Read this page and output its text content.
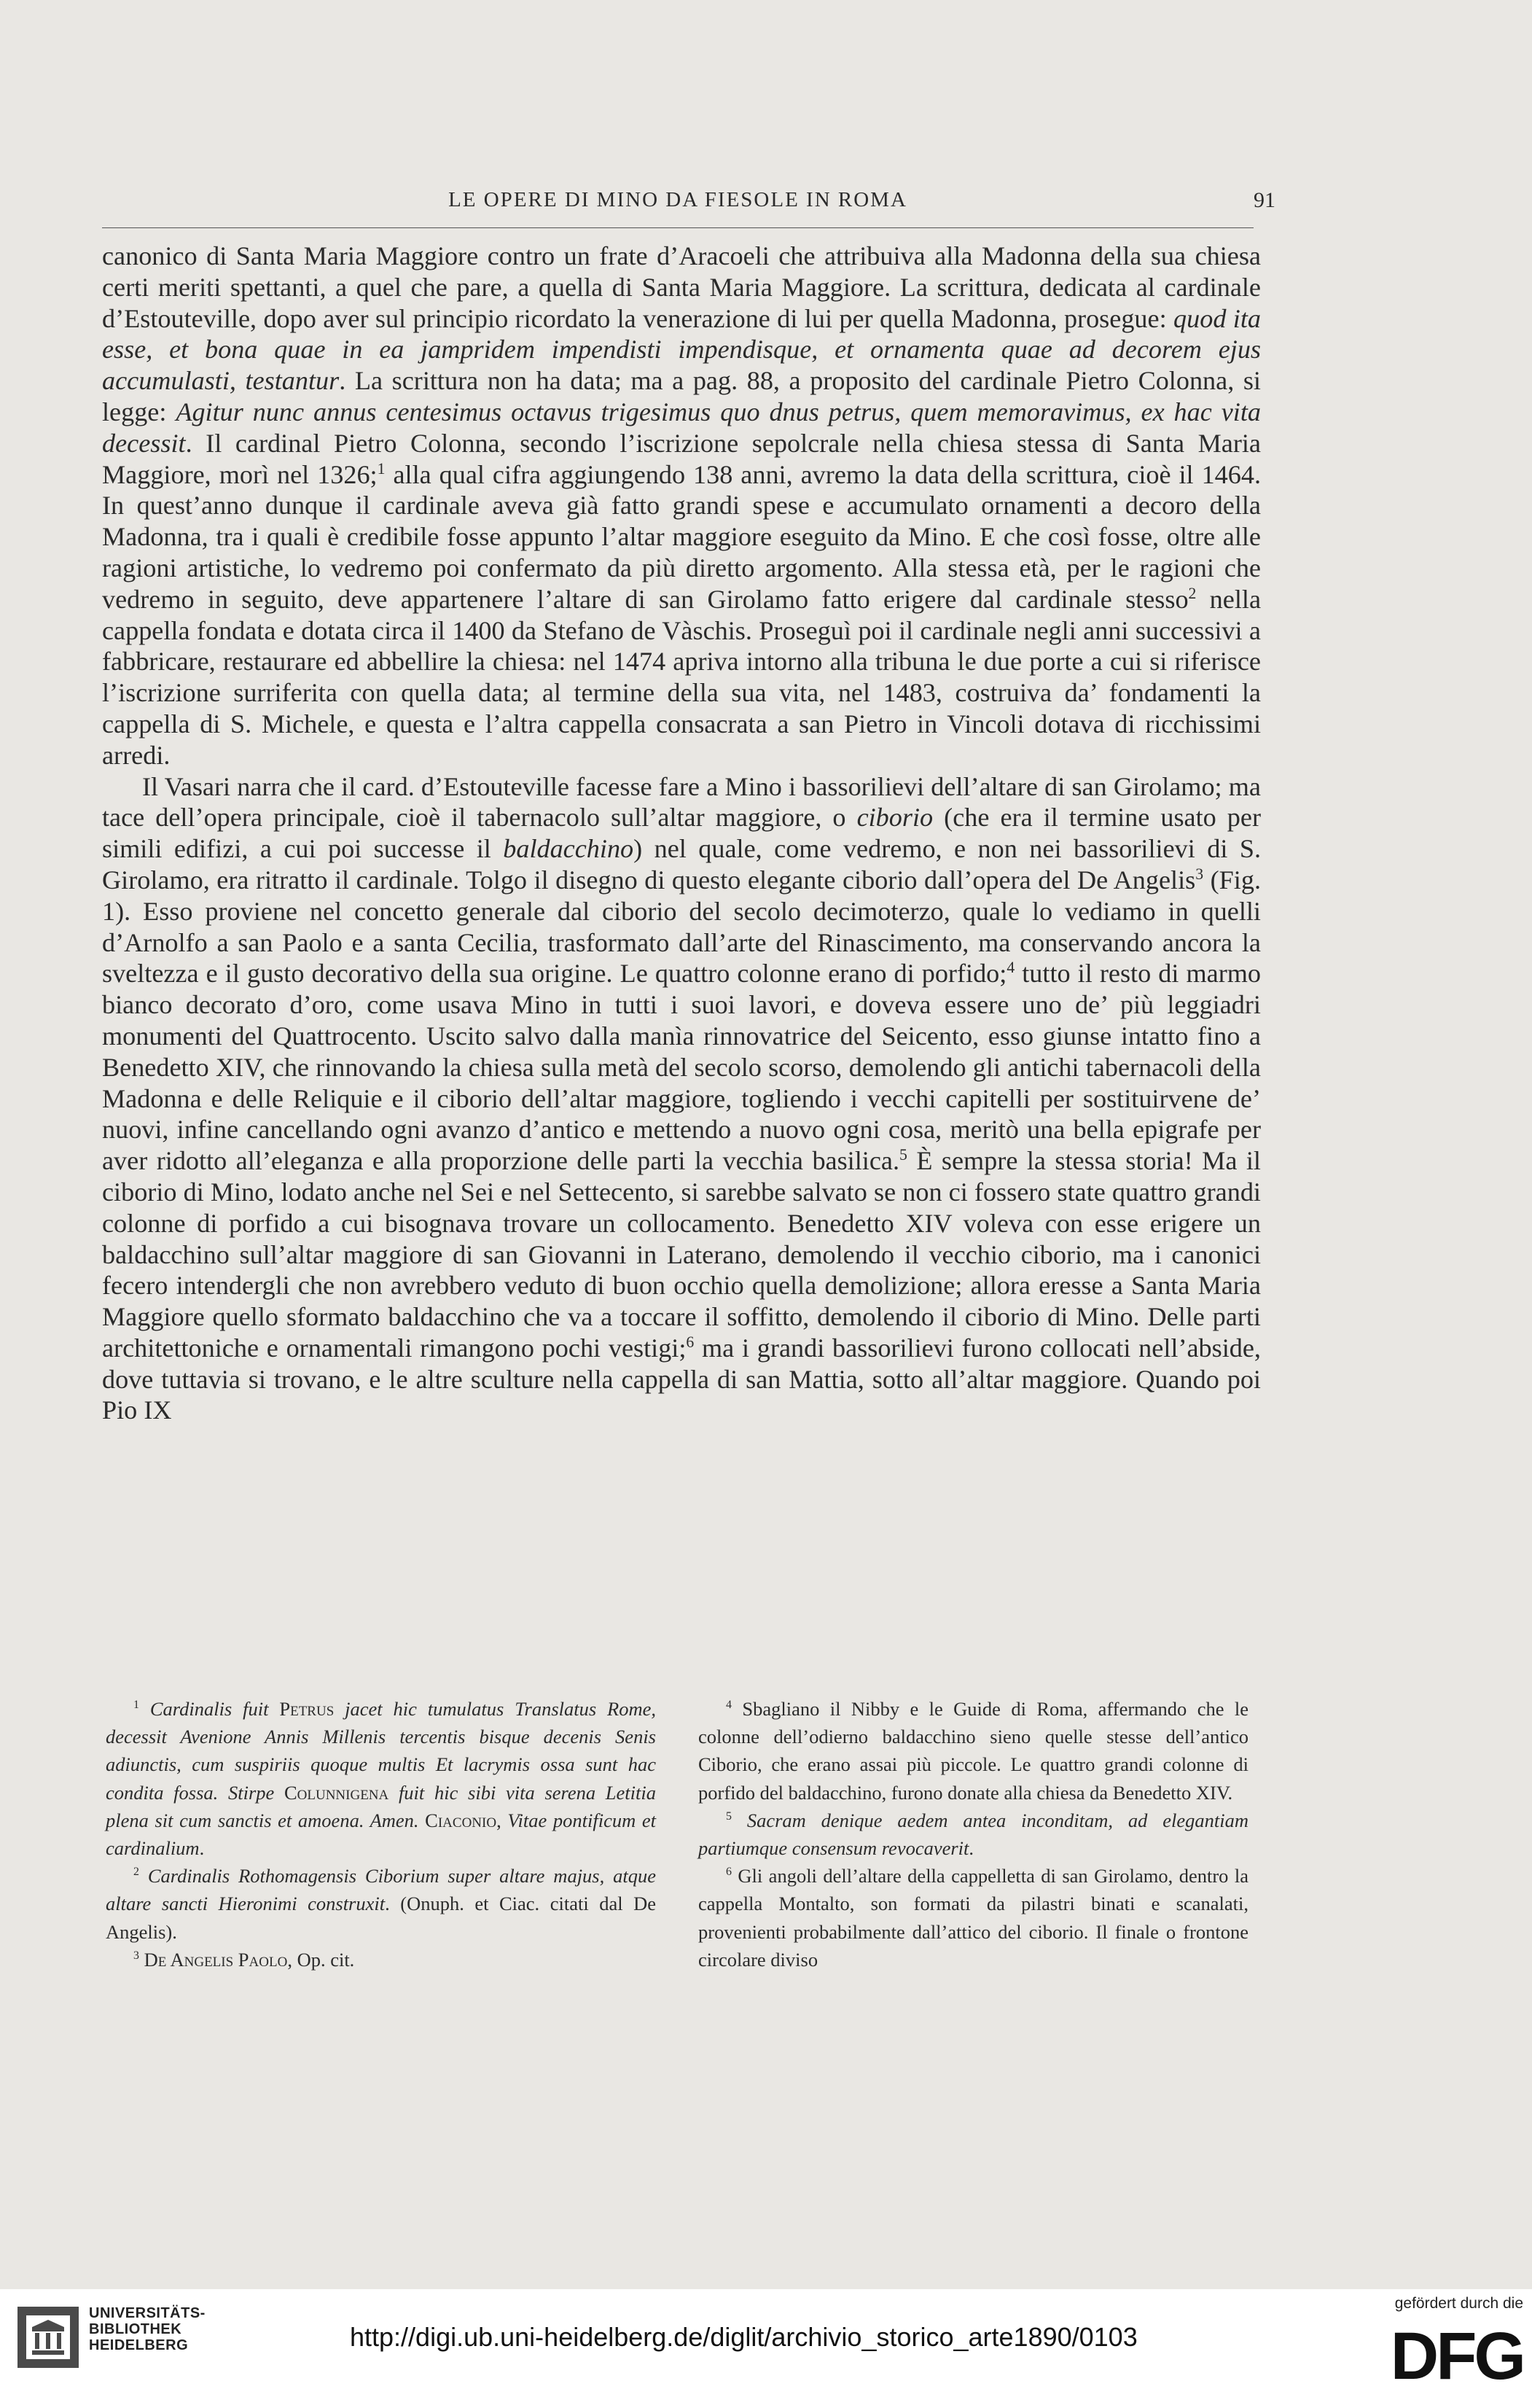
LE OPERE DI MINO DA FIESOLE IN ROMA	91

canonico di Santa Maria Maggiore contro un frate d’Aracoeli che attribuiva alla Madonna della sua chiesa certi meriti spettanti, a quel che pare, a quella di Santa Maria Maggiore. La scrittura, dedicata al cardinale d’Estouteville, dopo aver sul principio ricordato la venerazione di lui per quella Madonna, prosegue: quod ita esse, et bona quae in ea jampridem impendisti impendisque, et ornamenta quae ad decorem ejus accumulasti, testantur. La scrittura non ha data; ma a pag. 88, a proposito del cardinale Pietro Colonna, si legge: Agitur nunc annus centesimus octavus trigesimus quo dnus petrus, quem memoravimus, ex hac vita decessit. Il cardinal Pietro Colonna, secondo l’iscrizione sepolcrale nella chiesa stessa di Santa Maria Maggiore, morì nel 1326;$^1$ alla qual cifra aggiungendo 138 anni, avremo la data della scrittura, cioè il 1464. In quest’anno dunque il cardinale aveva già fatto grandi spese e accumulato ornamenti a decoro della Madonna, tra i quali è credibile fosse appunto l’altar maggiore eseguito da Mino. E che così fosse, oltre alle ragioni artistiche, lo vedremo poi confermato da più diretto argomento. Alla stessa età, per le ragioni che vedremo in seguito, deve appartenere l’altare di san Girolamo fatto erigere dal cardinale stesso$^2$ nella cappella fondata e dotata circa il 1400 da Stefano de Vàschis. Proseguì poi il cardinale negli anni successivi a fabbricare, restaurare ed abbellire la chiesa: nel 1474 apriva intorno alla tribuna le due porte a cui si riferisce l’iscrizione surriferita con quella data; al termine della sua vita, nel 1483, costruiva da’ fondamenti la cappella di S. Michele, e questa e l’altra cappella consacrata a san Pietro in Vincoli dotava di ricchissimi arredi.

Il Vasari narra che il card. d’Estouteville facesse fare a Mino i bassorilievi dell’altare di san Girolamo; ma tace dell’opera principale, cioè il tabernacolo sull’altar maggiore, o ciborio (che era il termine usato per simili edifizi, a cui poi successe il baldacchino) nel quale, come vedremo, e non nei bassorilievi di S. Girolamo, era ritratto il cardinale. Tolgo il disegno di questo elegante ciborio dall’opera del De Angelis$^3$ (Fig. 1). Esso proviene nel concetto generale dal ciborio del secolo decimoterzo, quale lo vediamo in quelli d’Arnolfo a san Paolo e a santa Cecilia, trasformato dall’arte del Rinascimento, ma conservando ancora la sveltezza e il gusto decorativo della sua origine. Le quattro colonne erano di porfido;$^4$ tutto il resto di marmo bianco decorato d’oro, come usava Mino in tutti i suoi lavori, e doveva essere uno de’ più leggiadri monumenti del Quattrocento. Uscito salvo dalla manìa rinnovatrice del Seicento, esso giunse intatto fino a Benedetto XIV, che rinnovando la chiesa sulla metà del secolo scorso, demolendo gli antichi tabernacoli della Madonna e delle Reliquie e il ciborio dell’altar maggiore, togliendo i vecchi capitelli per sostituirvene de’ nuovi, infine cancellando ogni avanzo d’antico e mettendo a nuovo ogni cosa, meritò una bella epigrafe per aver ridotto all’eleganza e alla proporzione delle parti la vecchia basilica.$^5$ È sempre la stessa storia! Ma il ciborio di Mino, lodato anche nel Sei e nel Settecento, si sarebbe salvato se non ci fossero state quattro grandi colonne di porfido a cui bisognava trovare un collocamento. Benedetto XIV voleva con esse erigere un baldacchino sull’altar maggiore di san Giovanni in Laterano, demolendo il vecchio ciborio, ma i canonici fecero intendergli che non avrebbero veduto di buon occhio quella demolizione; allora eresse a Santa Maria Maggiore quello sformato baldacchino che va a toccare il soffitto, demolendo il ciborio di Mino. Delle parti architettoniche e ornamentali rimangono pochi vestigi;$^6$ ma i grandi bassorilievi furono collocati nell’abside, dove tuttavia si trovano, e le altre sculture nella cappella di san Mattia, sotto all’altar maggiore. Quando poi Pio IX

$^1$ Cardinalis fuit Petrus jacet hic tumulatus Translatus Rome, decessit Avenione Annis Millenis tercentis bisque decenis Senis adiunctis, cum suspiriis quoque multis Et lacrymis ossa sunt hac condita fossa. Stirpe Colunnigena fuit hic sibi vita serena Letitia plena sit cum sanctis et amoena. Amen. Ciaconio, Vitae pontificum et cardinalium.

$^2$ Cardinalis Rothomagensis Ciborium super altare majus, atque altare sancti Hieronimi construxit. (Onuph. et Ciac. citati dal De Angelis).

$^3$ De Angelis Paolo, Op. cit.

$^4$ Sbagliano il Nibby e le Guide di Roma, affermando che le colonne dell’odierno baldacchino sieno quelle stesse dell’antico Ciborio, che erano assai più piccole. Le quattro grandi colonne di porfido del baldacchino, furono donate alla chiesa da Benedetto XIV.

$^5$ Sacram denique aedem antea inconditam, ad elegantiam partiumque consensum revocaverit.

$^6$ Gli angoli dell’altare della cappelletta di san Girolamo, dentro la cappella Montalto, son formati da pilastri binati e scanalati, provenienti probabilmente dall’attico del ciborio. Il finale o frontone circolare diviso

UNIVERSITÄTS-
BIBLIOTHEK
HEIDELBERG	http://digi.ub.uni-heidelberg.de/diglit/archivio_storico_arte1890/0103
gefördert durch die
DFG
